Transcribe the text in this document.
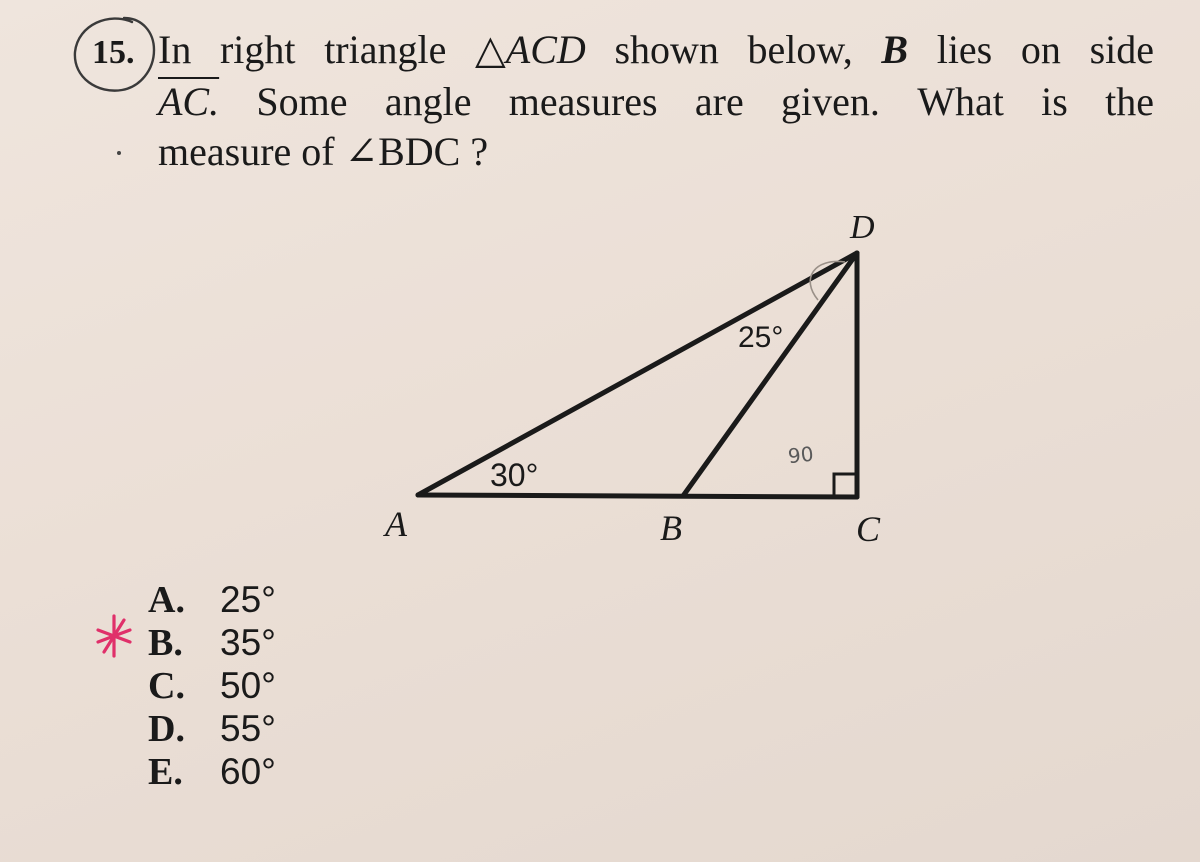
15. In right triangle △ACD shown below, B lies on side
AC. Some angle measures are given. What is the
measure of ∠BDC ?
A	B	C
D
30°
25°
90
A. 25°
B.	35°
C. 50°
D. 55°
E.	60°
